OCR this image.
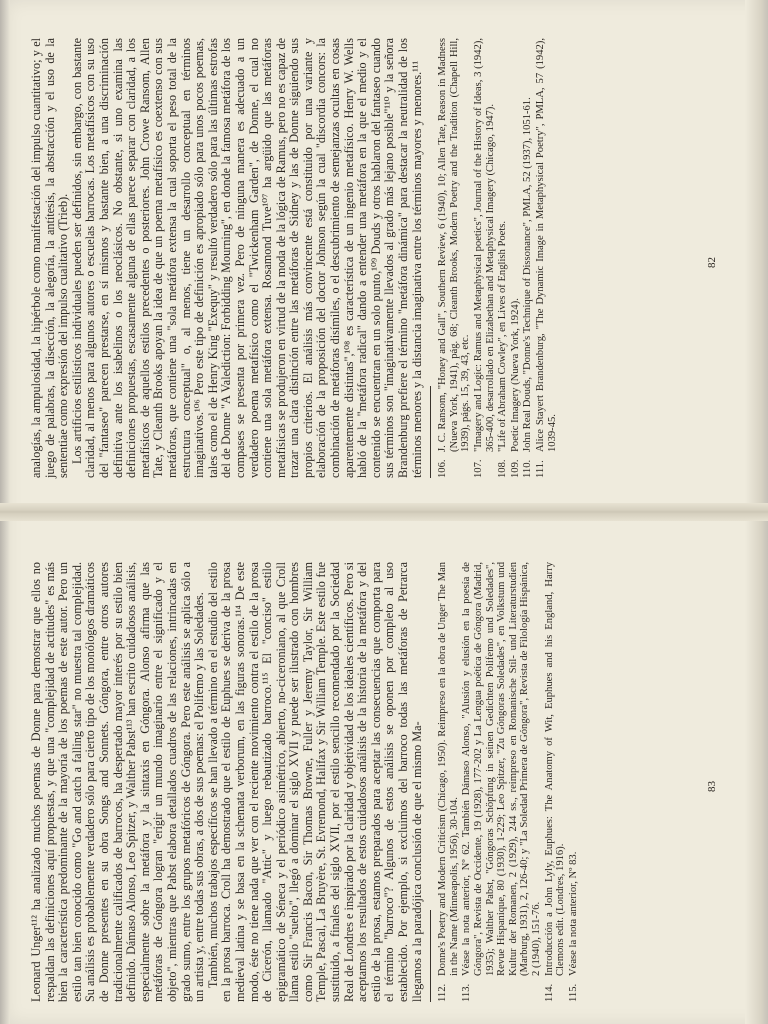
analogías, la ampulosidad, la hipérbole como manifestación del impulso cuantitativo; y el juego de palabras, la disección, la alegoría, la antítesis, la abstracción y el uso de la sententiae como expresión del impulso cualitativo (Trieb). Los artificios estilísticos individuales pueden ser definidos, sin embargo, con bastante claridad, al menos para algunos autores o escuelas barrocas. Los metafísicos con su uso del "fantaseo" parecen prestarse, en sí mismos y bastante bien, a una discriminación definitiva ante los isabelinos o los neoclásicos. No obstante, si uno examina las definiciones propuestas, escasamente alguna de ellas parece separar con claridad, a los metafísicos de aquellos estilos precedentes o posteriores. John Crowe Ransom, Allen Tate, y Cleanth Brooks apoyan la idea de que un poema metafísico es coextenso con sus metáforas, que contiene una "sola metáfora extensa la cual soporta el peso total de la estructura conceptual" o, al menos, tiene un desarrollo conceptual en términos imaginativos.¹⁰⁶ Pero este tipo de definición es apropiado sólo para unos pocos poemas, tales como el de Henry King "Exequy" y resultó verdadero sólo para las últimas estrofas del de Donne "A Valediction: Forbidding Mourning", en donde la famosa metáfora de los compases se presenta por primera vez. Pero de ninguna manera es adecuado a un verdadero poema metafísico como el "Twickenham Garden", de Donne, el cual no contiene una sola metáfora extensa. Rosamond Tuve¹⁰⁷ ha argüido que las metáforas metafísicas se produjeron en virtud de la moda de la lógica de Ramus, pero no es capaz de trazar una clara distinción entre las metáforas de Sidney y las de Donne siguiendo sus propios criterios. El análisis más convincente está constituido por una variante y elaboración de la proposición del doctor Johnson según la cual "discordia concors: la combinación de metáforas disímiles, o el descubrimiento de semejanzas ocultas en cosas aparentemente distintas",¹⁰⁸ es característica de un ingenio metafísico. Henry W. Wells habló de la "metáfora radical" dando a entender una metáfora en la que el medio y el contenido se encuentran en un solo punto,¹⁰⁹ Douds y otros hablaron del fantaseo cuando sus términos son "imaginativamente llevados al grado más lejano posible"¹¹⁰ y la señora Brandenburg prefiere el término "metáfora dinámica" para destacar la neutralidad de los términos menores y la distancia imaginativa entre los términos mayores y menores.¹¹¹ 106.
J. C. Ransom, "Honey and Gall", Southern Review, 6 (1940), 10; Allen Tate, Reason in Madness (Nueva York, 1941), pág. 68; Cleanth Brooks, Modern Poetry and the Tradition (Chapell Hill, 1939), págs. 15, 39, 43, etc.
107.
"Imagery and Logic: Ramus and Metaphysical poetics", Journal of the History of Ideas, 3 (1942), 365-400, desarrollado en Elizabethan and Metaphysical Imagery (Chicago, 1947).
108.
"Life of Abraham Cowley", en Lives of English Poets.
109.
Poetic Imagery (Nueva York, 1924).
110.
John Real Douds, "Donne's Technique of Dissonance", PMLA, 52 (1937), 1051-61.
111.
Alice Stayert Brandenburg, "The Dynamic Image in Metaphysical Poetry", PMLA, 57 (1942), 1039-45.
82

Leonard Unger¹¹² ha analizado muchos poemas de Donne para demostrar que ellos no respaldan las definiciones aquí propuestas, y que una "complejidad de actitudes" es más bien la característica predominante de la mayoría de los poemas de este autor. Pero un estilo tan bien conocido como "Go and catch a falling star" no muestra tal complejidad. Su análisis es probablemente verdadero sólo para cierto tipo de los monólogos dramáticos de Donne presentes en su obra Songs and Sonnets. Góngora, entre otros autores tradicionalmente calificados de barrocos, ha despertado mayor interés por su estilo bien definido. Dámaso Alonso, Leo Spitzer, y Walther Pabst¹¹³ han escrito cuidadosos análisis, especialmente sobre la metáfora y la sintaxis en Góngora. Alonso afirma que las metáforas de Góngora logran "erigir un mundo imaginario entre el significado y el objeto", mientras que Pabst elabora detallados cuadros de las relaciones, intrincadas en grado sumo, entre los grupos metafóricos de Góngora. Pero este análisis se aplica sólo a un artista y, entre todas sus obras, a dos de sus poemas: el Polifemo y las Soledades. También, muchos trabajos específicos se han llevado a término en el estudio del estilo en la prosa barroca. Croll ha demostrado que el estilo de Euphues se deriva de la prosa medieval latina y se basa en la schemata verborum, en las figuras sonoras.¹¹⁴ De este modo, éste no tiene nada que ver con el reciente movimiento contra el estilo de la prosa de Cicerón, llamado "Attic" y luego rebautizado barroco.¹¹⁵ El "conciso" estilo epigramático de Séneca y el periódico asimétrico, abierto, no-ciceroniano, al que Croll llama estilo "suelto", llegó a dominar el siglo XVII y puede ser ilustrado con hombres como Sir Francis Bacon, Sir Thomas Browne, Fuller y Jeremy Taylor, Sir William Temple, Pascal, La Bruyère, St. Evremond, Halifax y Sir William Temple. Este estilo fue sustituido, a finales del siglo XVII, por el estilo sencillo recomendado por la Sociedad Real de Londres e inspirado por la claridad y objetividad de los ideales científicos. Pero si aceptamos los resultados de estos cuidadosos análisis de la historia de la metáfora y del estilo de la prosa, estamos preparados para aceptar las consecuencias que comporta para el término "barroco"? Algunos de estos análisis se oponen por completo al uso establecido. Por ejemplo, si excluimos del barroco todas las metáforas de Petrarca llegamos a la paradójica conclusión de que el mismo Ma- 112.
Donne's Poetry and Modern Criticism (Chicago, 1950). Reimpreso en la obra de Unger The Man in the Name (Minneapolis, 1956), 30-104.
113.
Véase la nota anterior, Nº 62. También Dámaso Alonso, "Alusión y elusión en la poesía de Góngora", Revista de Occidente, 19 (1928), 177-202 y La Lengua poética de Góngora (Madrid, 1935); Walther Pabst, "Góngoras Schöpfung in seinen Gedichten Polifemo und Soledades", Revue Hispanique, 80 (1930), 1-229; Leo Spitzer, "Zu Góngoras Soledades", en Volkstum und Kultur der Romanen, 2 (1929), 244 ss., reimpreso en Romanische Stil- und Literaturstudien (Marburg, 1931), 2, 126-40; y "La Soledad Primera de Góngora", Revista de Filología Hispánica, 2 (1940), 151-76.
114.
Introducción a John Lyly, Euphues: The Anatomy of Wit, Euphues and his England, Harry Clemons edit. (Londres, 1916).
115.
Véase la nota anterior, Nº 83.
83
